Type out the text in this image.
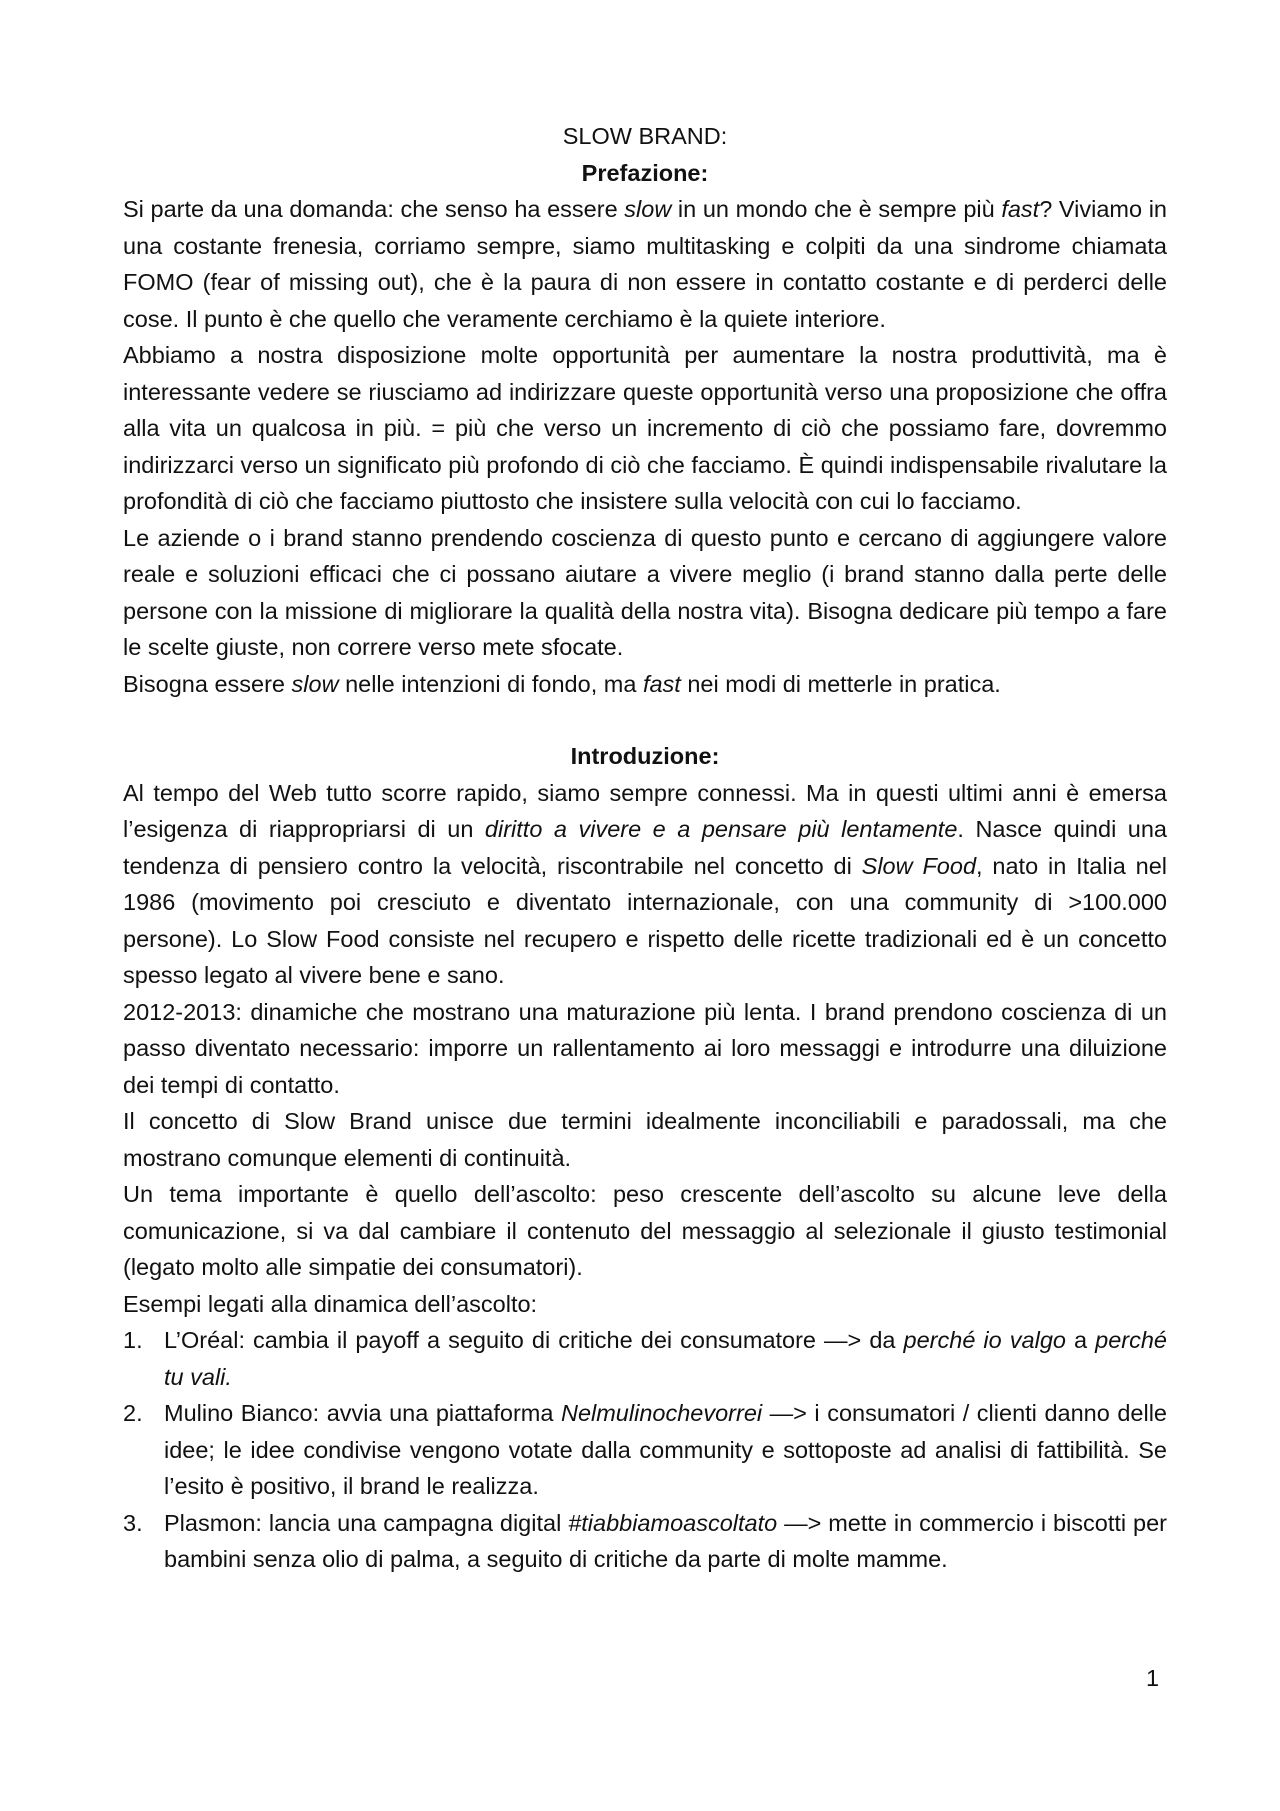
SLOW BRAND:
Prefazione:

Si parte da una domanda: che senso ha essere slow in un mondo che è sempre più fast? Viviamo in una costante frenesia, corriamo sempre, siamo multitasking e colpiti da una sindrome chiamata FOMO (fear of missing out), che è la paura di non essere in contatto costante e di perderci delle cose. Il punto è che quello che veramente cerchiamo è la quiete interiore.

Abbiamo a nostra disposizione molte opportunità per aumentare la nostra produttività, ma è interessante vedere se riusciamo ad indirizzare queste opportunità verso una proposizione che offra alla vita un qualcosa in più. = più che verso un incremento di ciò che possiamo fare, dovremmo indirizzarci verso un significato più profondo di ciò che facciamo. È quindi indispensabile rivalutare la profondità di ciò che facciamo piuttosto che insistere sulla velocità con cui lo facciamo.

Le aziende o i brand stanno prendendo coscienza di questo punto e cercano di aggiungere valore reale e soluzioni efficaci che ci possano aiutare a vivere meglio (i brand stanno dalla perte delle persone con la missione di migliorare la qualità della nostra vita). Bisogna dedicare più tempo a fare le scelte giuste, non correre verso mete sfocate.

Bisogna essere slow nelle intenzioni di fondo, ma fast nei modi di metterle in pratica.

Introduzione:

Al tempo del Web tutto scorre rapido, siamo sempre connessi. Ma in questi ultimi anni è emersa l’esigenza di riappropriarsi di un diritto a vivere e a pensare più lentamente. Nasce quindi una tendenza di pensiero contro la velocità, riscontrabile nel concetto di Slow Food, nato in Italia nel 1986 (movimento poi cresciuto e diventato internazionale, con una community di >100.000 persone). Lo Slow Food consiste nel recupero e rispetto delle ricette tradizionali ed è un concetto spesso legato al vivere bene e sano.

2012-2013: dinamiche che mostrano una maturazione più lenta. I brand prendono coscienza di un passo diventato necessario: imporre un rallentamento ai loro messaggi e introdurre una diluizione dei tempi di contatto.

Il concetto di Slow Brand unisce due termini idealmente inconciliabili e paradossali, ma che mostrano comunque elementi di continuità.

Un tema importante è quello dell’ascolto: peso crescente dell’ascolto su alcune leve della comunicazione, si va dal cambiare il contenuto del messaggio al selezionale il giusto testimonial (legato molto alle simpatie dei consumatori).

Esempi legati alla dinamica dell’ascolto:

1. L’Oréal: cambia il payoff a seguito di critiche dei consumatore —> da perché io valgo a perché tu vali.
2. Mulino Bianco: avvia una piattaforma Nelmulinochevorrei —> i consumatori / clienti danno delle idee; le idee condivise vengono votate dalla community e sottoposte ad analisi di fattibilità. Se l’esito è positivo, il brand le realizza.
3. Plasmon: lancia una campagna digital #tiabbiamoascoltato —> mette in commercio i biscotti per bambini senza olio di palma, a seguito di critiche da parte di molte mamme.
1
